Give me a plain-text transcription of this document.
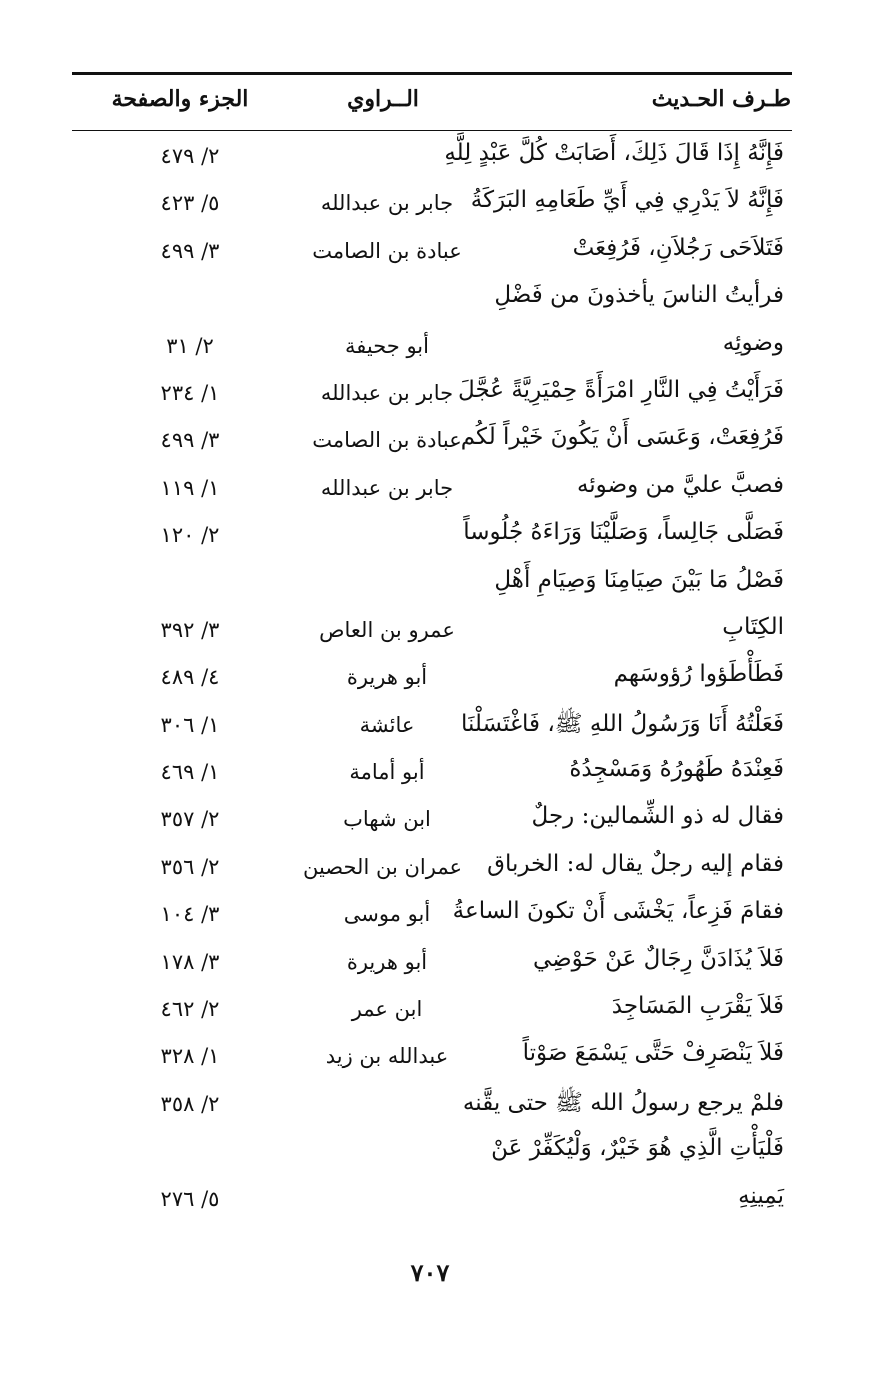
طـرف الحـديث
الــراوي
الجزء والصفحة
فَإِنَّهُ إِذَا قَالَ ذَلِكَ، أَصَابَتْ كُلَّ عَبْدٍ لِلَّهِ
٢/ ٤٧٩
فَإِنَّهُ لاَ يَدْرِي فِي أَيِّ طَعَامِهِ البَرَكَةُ
جابر بن عبدالله
٥/ ٤٢٣
فَتَلاَحَى رَجُلاَنِ، فَرُفِعَتْ
عبادة بن الصامت
٣/ ٤٩٩
فرأيتُ الناسَ يأخذونَ من فَضْلِ
وضوئِه
أبو جحيفة
٢/ ٣١
فَرَأَيْتُ فِي النَّارِ امْرَأَةً حِمْيَرِيَّةً عُجَّلَ
جابر بن عبدالله
١/ ٢٣٤
فَرُفِعَتْ، وَعَسَى أَنْ يَكُونَ خَيْراً لَكُم
عبادة بن الصامت
٣/ ٤٩٩
فصبَّ عليَّ من وضوئه
جابر بن عبدالله
١/ ١١٩
فَصَلَّى جَالِساً، وَصَلَّيْنَا وَرَاءَهُ جُلُوساً
٢/ ١٢٠
فَصْلُ مَا بَيْنَ صِيَامِنَا وَصِيَامِ أَهْلِ
الكِتَابِ
عمرو بن العاص
٣/ ٣٩٢
فَطَأْطَؤوا رُؤوسَهم
أبو هريرة
٤/ ٤٨٩
فَعَلْتُهُ أَنَا وَرَسُولُ اللهِ ﷺ، فَاغْتَسَلْنَا
عائشة
١/ ٣٠٦
فَعِنْدَهُ طَهُورُهُ وَمَسْجِدُهُ
أبو أمامة
١/ ٤٦٩
فقال له ذو الشِّمالين: رجلٌ
ابن شهاب
٢/ ٣٥٧
فقام إليه رجلٌ يقال له: الخرباق
عمران بن الحصين
٢/ ٣٥٦
فقامَ فَزِعاً، يَخْشَى أَنْ تكونَ الساعةُ
أبو موسى
٣/ ١٠٤
فَلاَ يُذَادَنَّ رِجَالٌ عَنْ حَوْضِي
أبو هريرة
٣/ ١٧٨
فَلاَ يَقْرَبِ المَسَاجِدَ
ابن عمر
٢/ ٤٦٢
فَلاَ يَنْصَرِفْ حَتَّى يَسْمَعَ صَوْتاً
عبدالله بن زيد
١/ ٣٢٨
فلمْ يرجع رسولُ الله ﷺ حتى يقَّنه
٢/ ٣٥٨
فَلْيَأْتِ الَّذِي هُوَ خَيْرٌ، وَلْيُكَفِّرْ عَنْ
يَمِينِهِ
٥/ ٢٧٦
٧٠٧
